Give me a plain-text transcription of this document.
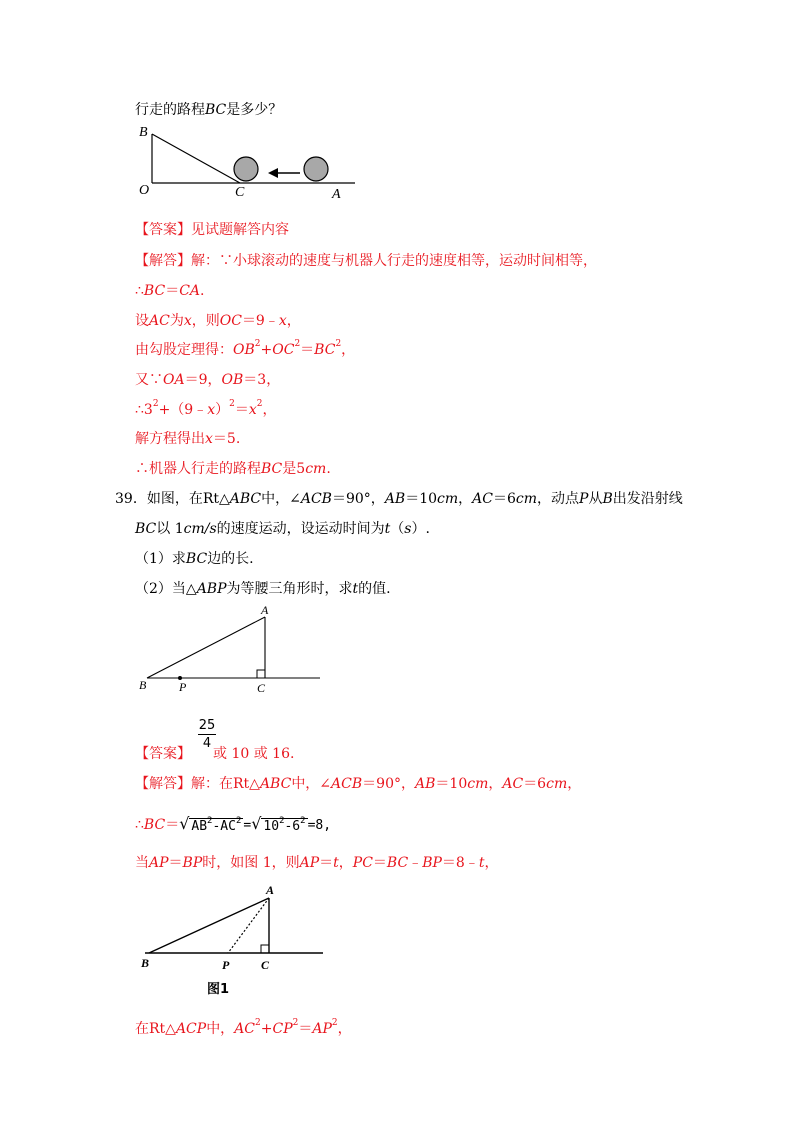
行走的路程BC是多少？
B
O	C	A
【答案】见试题解答内容
【解答】解：∵小球滚动的速度与机器人行走的速度相等，运动时间相等，
∴BC＝CA.
设AC为x，则OC＝9﹣x，
由勾股定理得：$OB^2+OC^2=BC^2$，
又∵OA＝9，OB＝3，
$\therefore 3^2+(9﹣x)^2=x^2$，
解方程得出x＝5.
∴机器人行走的路程BC是5cm.
39．如图，在Rt△ABC中，∠ACB＝90°，AB＝10cm，AC＝6cm，动点P从B出发沿射线
BC以 1cm/s的速度运动，设运动时间为t（s）.
（1）求BC边的长.
（2）当△ABP为等腰三角形时，求t的值.
A
B	P	C
25
4
【答案】 或 10 或 16.
【解答】解：在Rt△ABC中，∠ACB＝90°，AB＝10cm，AC＝6cm，
∴BC＝√ $AB^2-AC^2$ =√ $10^2-6^2 =8$,
当AP＝BP时，如图 1，则AP＝t，PC＝BC﹣BP＝8﹣t，
A
B	P	C
图1
在Rt△ACP中，$AC^2+CP^2=AP^2$，
